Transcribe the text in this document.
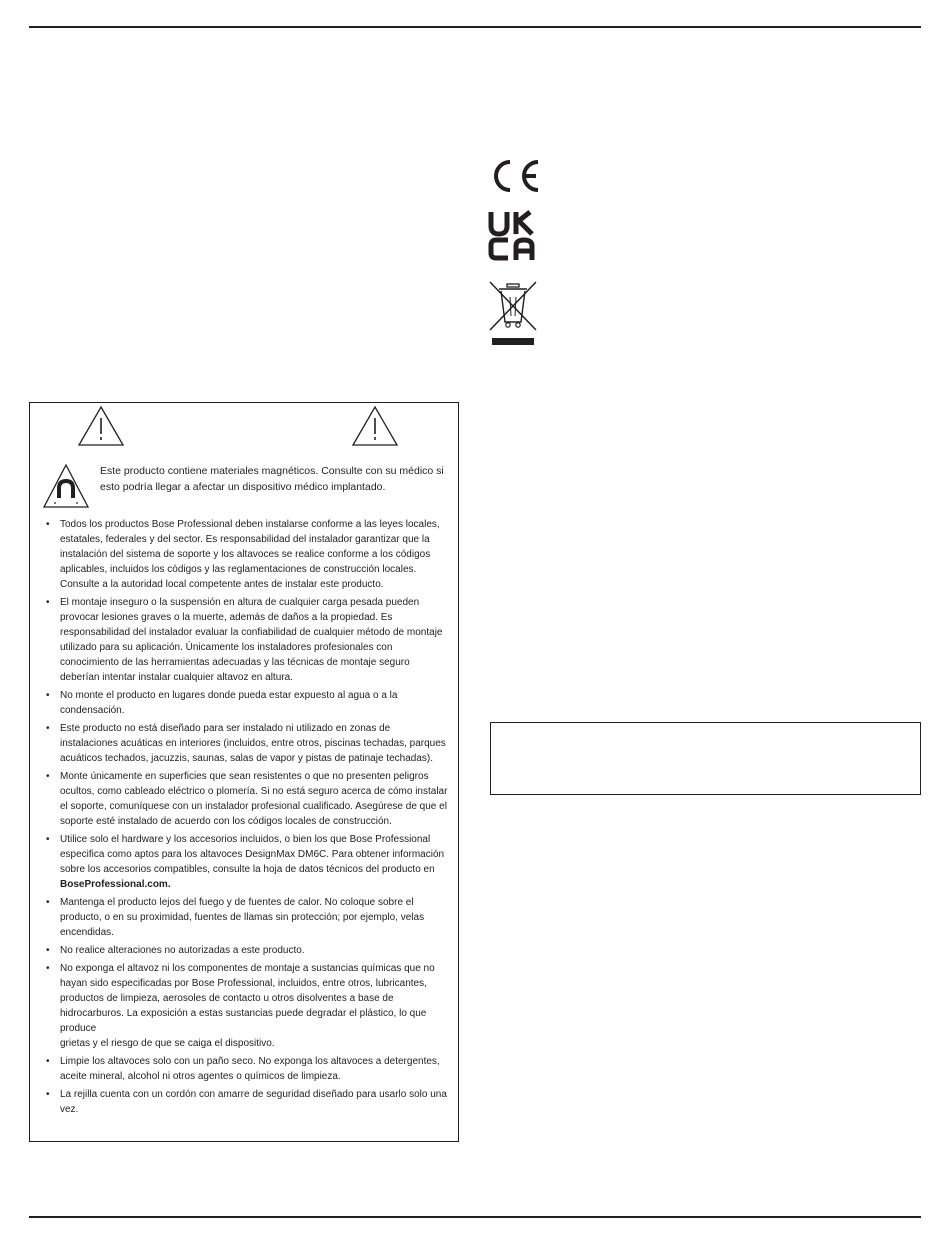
Este producto contiene materiales magnéticos. Consulte con su médico si esto podría llegar a afectar un dispositivo médico implantado.

• Todos los productos Bose Professional deben instalarse conforme a las leyes locales, estatales, federales y del sector. Es responsabilidad del instalador garantizar que la instalación del sistema de soporte y los altavoces se realice conforme a los códigos aplicables, incluidos los códigos y las reglamentaciones de construcción locales. Consulte a la autoridad local competente antes de instalar este producto.
• El montaje inseguro o la suspensión en altura de cualquier carga pesada pueden provocar lesiones graves o la muerte, además de daños a la propiedad. Es responsabilidad del instalador evaluar la confiabilidad de cualquier método de montaje utilizado para su aplicación. Únicamente los instaladores profesionales con conocimiento de las herramientas adecuadas y las técnicas de montaje seguro deberían intentar instalar cualquier altavoz en altura.
• No monte el producto en lugares donde pueda estar expuesto al agua o a la condensación.
• Este producto no está diseñado para ser instalado ni utilizado en zonas de instalaciones acuáticas en interiores (incluidos, entre otros, piscinas techadas, parques acuáticos techados, jacuzzis, saunas, salas de vapor y pistas de patinaje techadas).
• Monte únicamente en superficies que sean resistentes o que no presenten peligros ocultos, como cableado eléctrico o plomería. Si no está seguro acerca de cómo instalar el soporte, comuníquese con un instalador profesional cualificado. Asegúrese de que el soporte esté instalado de acuerdo con los códigos locales de construcción.
• Utilice solo el hardware y los accesorios incluidos, o bien los que Bose Professional especifica como aptos para los altavoces DesignMax DM6C. Para obtener información sobre los accesorios compatibles, consulte la hoja de datos técnicos del producto en BoseProfessional.com.
• Mantenga el producto lejos del fuego y de fuentes de calor. No coloque sobre el producto, o en su proximidad, fuentes de llamas sin protección; por ejemplo, velas encendidas.
• No realice alteraciones no autorizadas a este producto.
• No exponga el altavoz ni los componentes de montaje a sustancias químicas que no hayan sido especificadas por Bose Professional, incluidos, entre otros, lubricantes, productos de limpieza, aerosoles de contacto u otros disolventes a base de hidrocarburos. La exposición a estas sustancias puede degradar el plástico, lo que produce
grietas y el riesgo de que se caiga el dispositivo.
• Limpie los altavoces solo con un paño seco. No exponga los altavoces a detergentes, aceite mineral, alcohol ni otros agentes o químicos de limpieza.
• La rejilla cuenta con un cordón con amarre de seguridad diseñado para usarlo solo una vez.
